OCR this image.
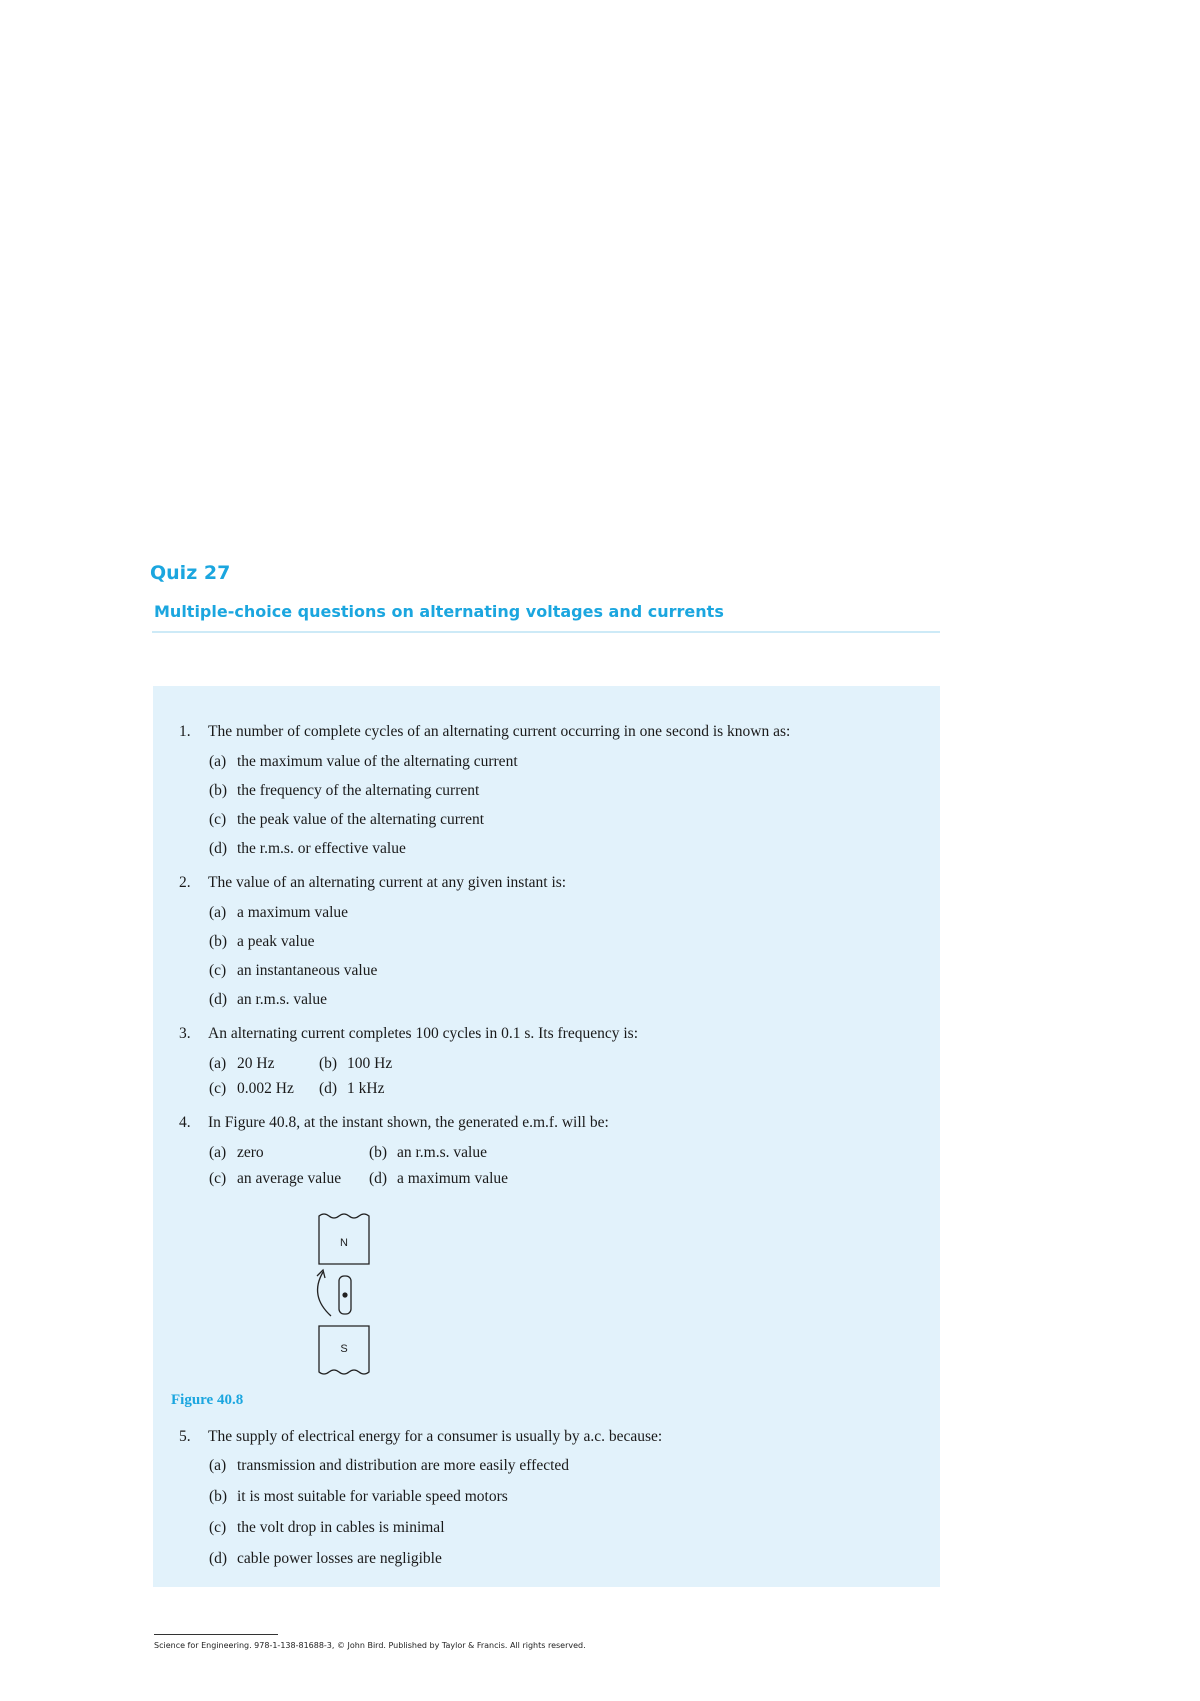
Quiz 27
Multiple-choice questions on alternating voltages and currents
1. The number of complete cycles of an alternating current occurring in one second is known as:
(a) the maximum value of the alternating current
(b) the frequency of the alternating current
(c) the peak value of the alternating current
(d) the r.m.s. or effective value
2. The value of an alternating current at any given instant is:
(a) a maximum value
(b) a peak value
(c) an instantaneous value
(d) an r.m.s. value
3. An alternating current completes 100 cycles in 0.1 s. Its frequency is:
(a) 20 Hz	(b) 100 Hz
(c) 0.002 Hz (d) 1 kHz
4. In Figure 40.8, at the instant shown, the generated e.m.f. will be:
(a) zero	(b) an r.m.s. value
(c) an average value (d) a maximum value
N
S
Figure 40.8
5. The supply of electrical energy for a consumer is usually by a.c. because:
(a) transmission and distribution are more easily effected
(b) it is most suitable for variable speed motors
(c) the volt drop in cables is minimal
(d) cable power losses are negligible
Science for Engineering. 978-1-138-81688-3, © John Bird. Published by Taylor & Francis. All rights reserved.
